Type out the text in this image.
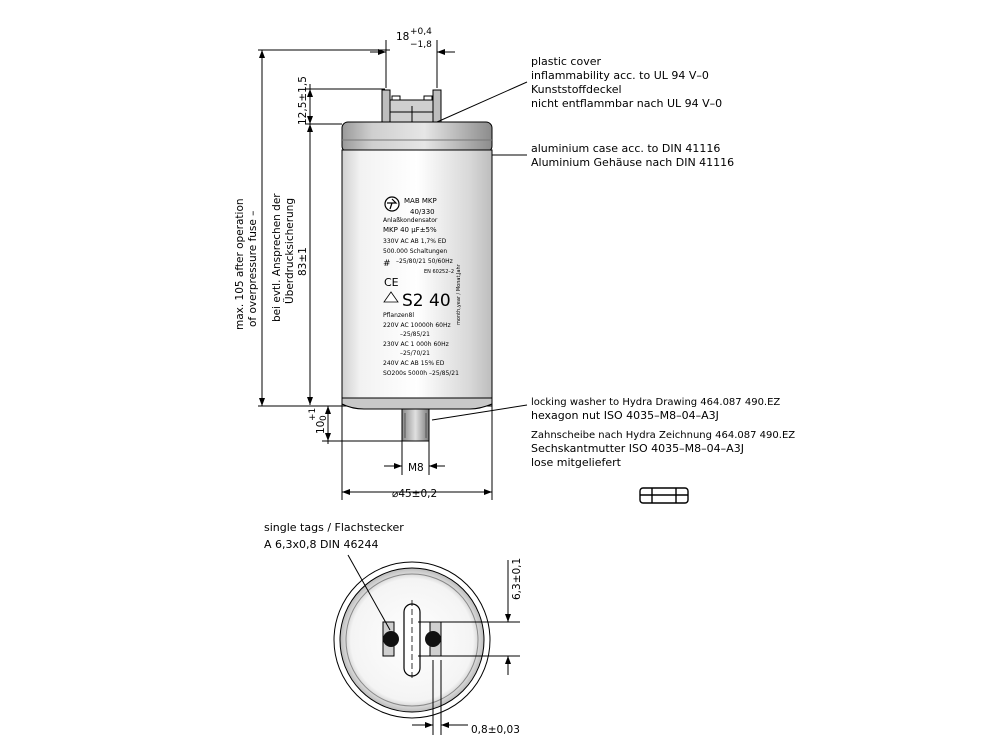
MAB MKP
40/330
Anlaßkondensator
MKP 40 µF±5%
330V AC AB 1,7% ED
500.000 Schaltungen
# –25/80/21 50/60Hz
EN 60252–2
CE
S2 40 month,year / Monat,Jahr
Pflanzen8l
220V AC 10000h 60Hz
–25/85/21
230V AC 1 000h 60Hz
–25/70/21
240V AC AB 15% ED
SO200s 5000h –25/85/21
18 +0,4
−1,8
12,5±1,5
83±1
10
+1 0
M8
⌀45±0,2
max. 105 after operation of overpressure fuse – bei evtl. Ansprechen der Überdrucksicherung
plastic cover
inflammability acc. to UL 94 V–0
Kunststoffdeckel
nicht entflammbar nach UL 94 V–0
aluminium case acc. to DIN 41116
Aluminium Gehäuse nach DIN 41116
locking washer to Hydra Drawing 464.087 490.EZ
hexagon nut ISO 4035–M8–04–A3J
Zahnscheibe nach Hydra Zeichnung 464.087 490.EZ
Sechskantmutter ISO 4035–M8–04–A3J
lose mitgeliefert
6,3±0,1
0,8±0,03
single tags / Flachstecker
A 6,3x0,8 DIN 46244
